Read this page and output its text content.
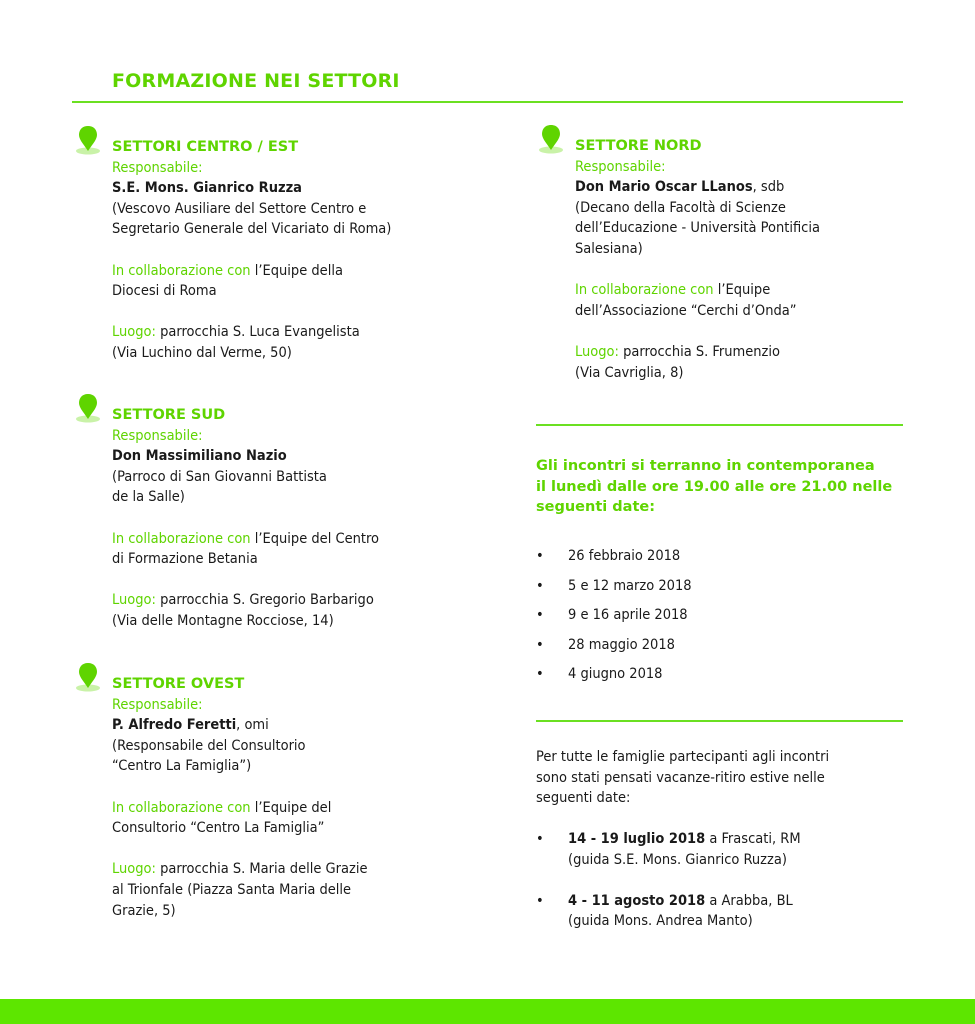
FORMAZIONE NEI SETTORI
SETTORI CENTRO / EST

Responsabile:

S.E. Mons. Gianrico Ruzza

(Vescovo Ausiliare del Settore Centro e

Segretario Generale del Vicariato di Roma)

In collaborazione con l’Equipe della

Diocesi di Roma

Luogo: parrocchia S. Luca Evangelista

(Via Luchino dal Verme, 50)

SETTORE SUD

Responsabile:

Don Massimiliano Nazio

(Parroco di San Giovanni Battista

de la Salle)

In collaborazione con l’Equipe del Centro

di Formazione Betania

Luogo: parrocchia S. Gregorio Barbarigo

(Via delle Montagne Rocciose, 14)

SETTORE OVEST

Responsabile:

P. Alfredo Feretti, omi

(Responsabile del Consultorio

“Centro La Famiglia”)

In collaborazione con l’Equipe del

Consultorio “Centro La Famiglia”

Luogo: parrocchia S. Maria delle Grazie

al Trionfale (Piazza Santa Maria delle

Grazie, 5)

SETTORE NORD

Responsabile:

Don Mario Oscar LLanos, sdb

(Decano della Facoltà di Scienze

dell’Educazione - Università Pontificia

Salesiana)

In collaborazione con l’Equipe

dell’Associazione “Cerchi d’Onda”

Luogo: parrocchia S. Frumenzio

(Via Cavriglia, 8)

Gli incontri si terranno in contemporanea
il lunedì dalle ore 19.00 alle ore 21.00 nelle
seguenti date:
• 26 febbraio 2018
• 5 e 12 marzo 2018
• 9 e 16 aprile 2018
• 28 maggio 2018
• 4 giugno 2018
Per tutte le famiglie partecipanti agli incontri
sono stati pensati vacanze-ritiro estive nelle
seguenti date:
• 14 - 19 luglio 2018 a Frascati, RM
(guida S.E. Mons. Gianrico Ruzza)
• 4 - 11 agosto 2018 a Arabba, BL
(guida Mons. Andrea Manto)
